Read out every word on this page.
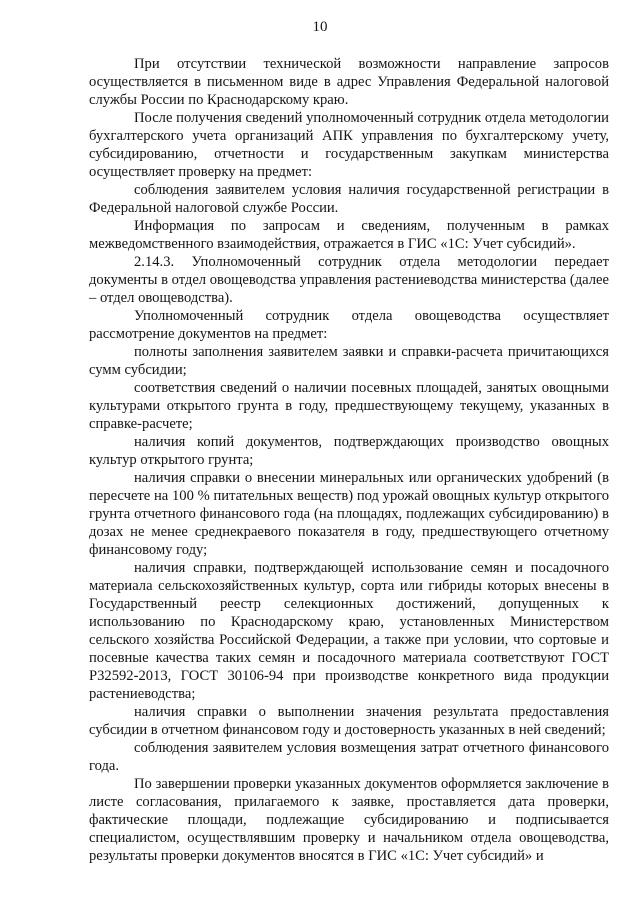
10

При отсутствии технической возможности направление запросов осуществляется в письменном виде в адрес Управления Федеральной налоговой службы России по Краснодарскому краю.

После получения сведений уполномоченный сотрудник отдела методологии бухгалтерского учета организаций АПК управления по бухгалтерскому учету, субсидированию, отчетности и государственным закупкам министерства осуществляет проверку на предмет:

соблюдения заявителем условия наличия государственной регистрации в Федеральной налоговой службе России.

Информация по запросам и сведениям, полученным в рамках межведомственного взаимодействия, отражается в ГИС «1С: Учет субсидий».

2.14.3. Уполномоченный сотрудник отдела методологии передает документы в отдел овощеводства управления растениеводства министерства (далее – отдел овощеводства).

Уполномоченный сотрудник отдела овощеводства осуществляет рассмотрение документов на предмет:

полноты заполнения заявителем заявки и справки-расчета причитающихся сумм субсидии;

соответствия сведений о наличии посевных площадей, занятых овощными культурами открытого грунта в году, предшествующему текущему, указанных в справке-расчете;

наличия копий документов, подтверждающих производство овощных культур открытого грунта;

наличия справки о внесении минеральных или органических удобрений (в пересчете на 100 % питательных веществ) под урожай овощных культур открытого грунта отчетного финансового года (на площадях, подлежащих субсидированию) в дозах не менее среднекраевого показателя в году, предшествующего отчетному финансовому году;

наличия справки, подтверждающей использование семян и посадочного материала сельскохозяйственных культур, сорта или гибриды которых внесены в Государственный реестр селекционных достижений, допущенных к использованию по Краснодарскому краю, установленных Министерством сельского хозяйства Российской Федерации, а также при условии, что сортовые и посевные качества таких семян и посадочного материала соответствуют ГОСТ Р32592-2013, ГОСТ 30106-94 при производстве конкретного вида продукции растениеводства;

наличия справки о выполнении значения результата предоставления субсидии в отчетном финансовом году и достоверность указанных в ней сведений;

соблюдения заявителем условия возмещения затрат отчетного финансового года.

По завершении проверки указанных документов оформляется заключение в листе согласования, прилагаемого к заявке, проставляется дата проверки, фактические площади, подлежащие субсидированию и подписывается специалистом, осуществлявшим проверку и начальником отдела овощеводства, результаты проверки документов вносятся в ГИС «1С: Учет субсидий» и
